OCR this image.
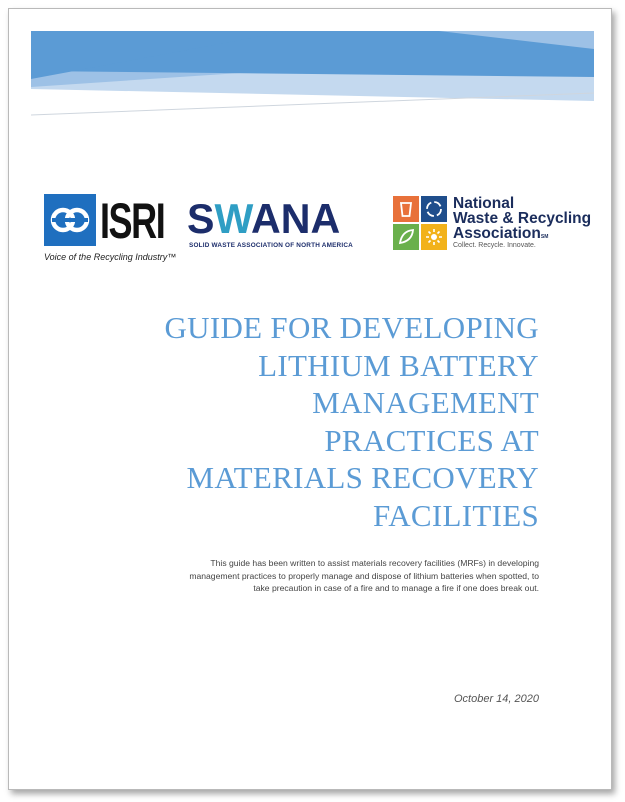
ISRI
Voice of the Recycling Industry™
SWANA
SOLID WASTE ASSOCIATION OF NORTH AMERICA
National
Waste & Recycling
AssociationSM
Collect. Recycle. Innovate.
GUIDE FOR DEVELOPING
LITHIUM BATTERY
MANAGEMENT
PRACTICES AT
MATERIALS RECOVERY
FACILITIES
This guide has been written to assist materials recovery facilities (MRFs) in developing
management practices to properly manage and dispose of lithium batteries when spotted, to
take precaution in case of a fire and to manage a fire if one does break out.
October 14, 2020
